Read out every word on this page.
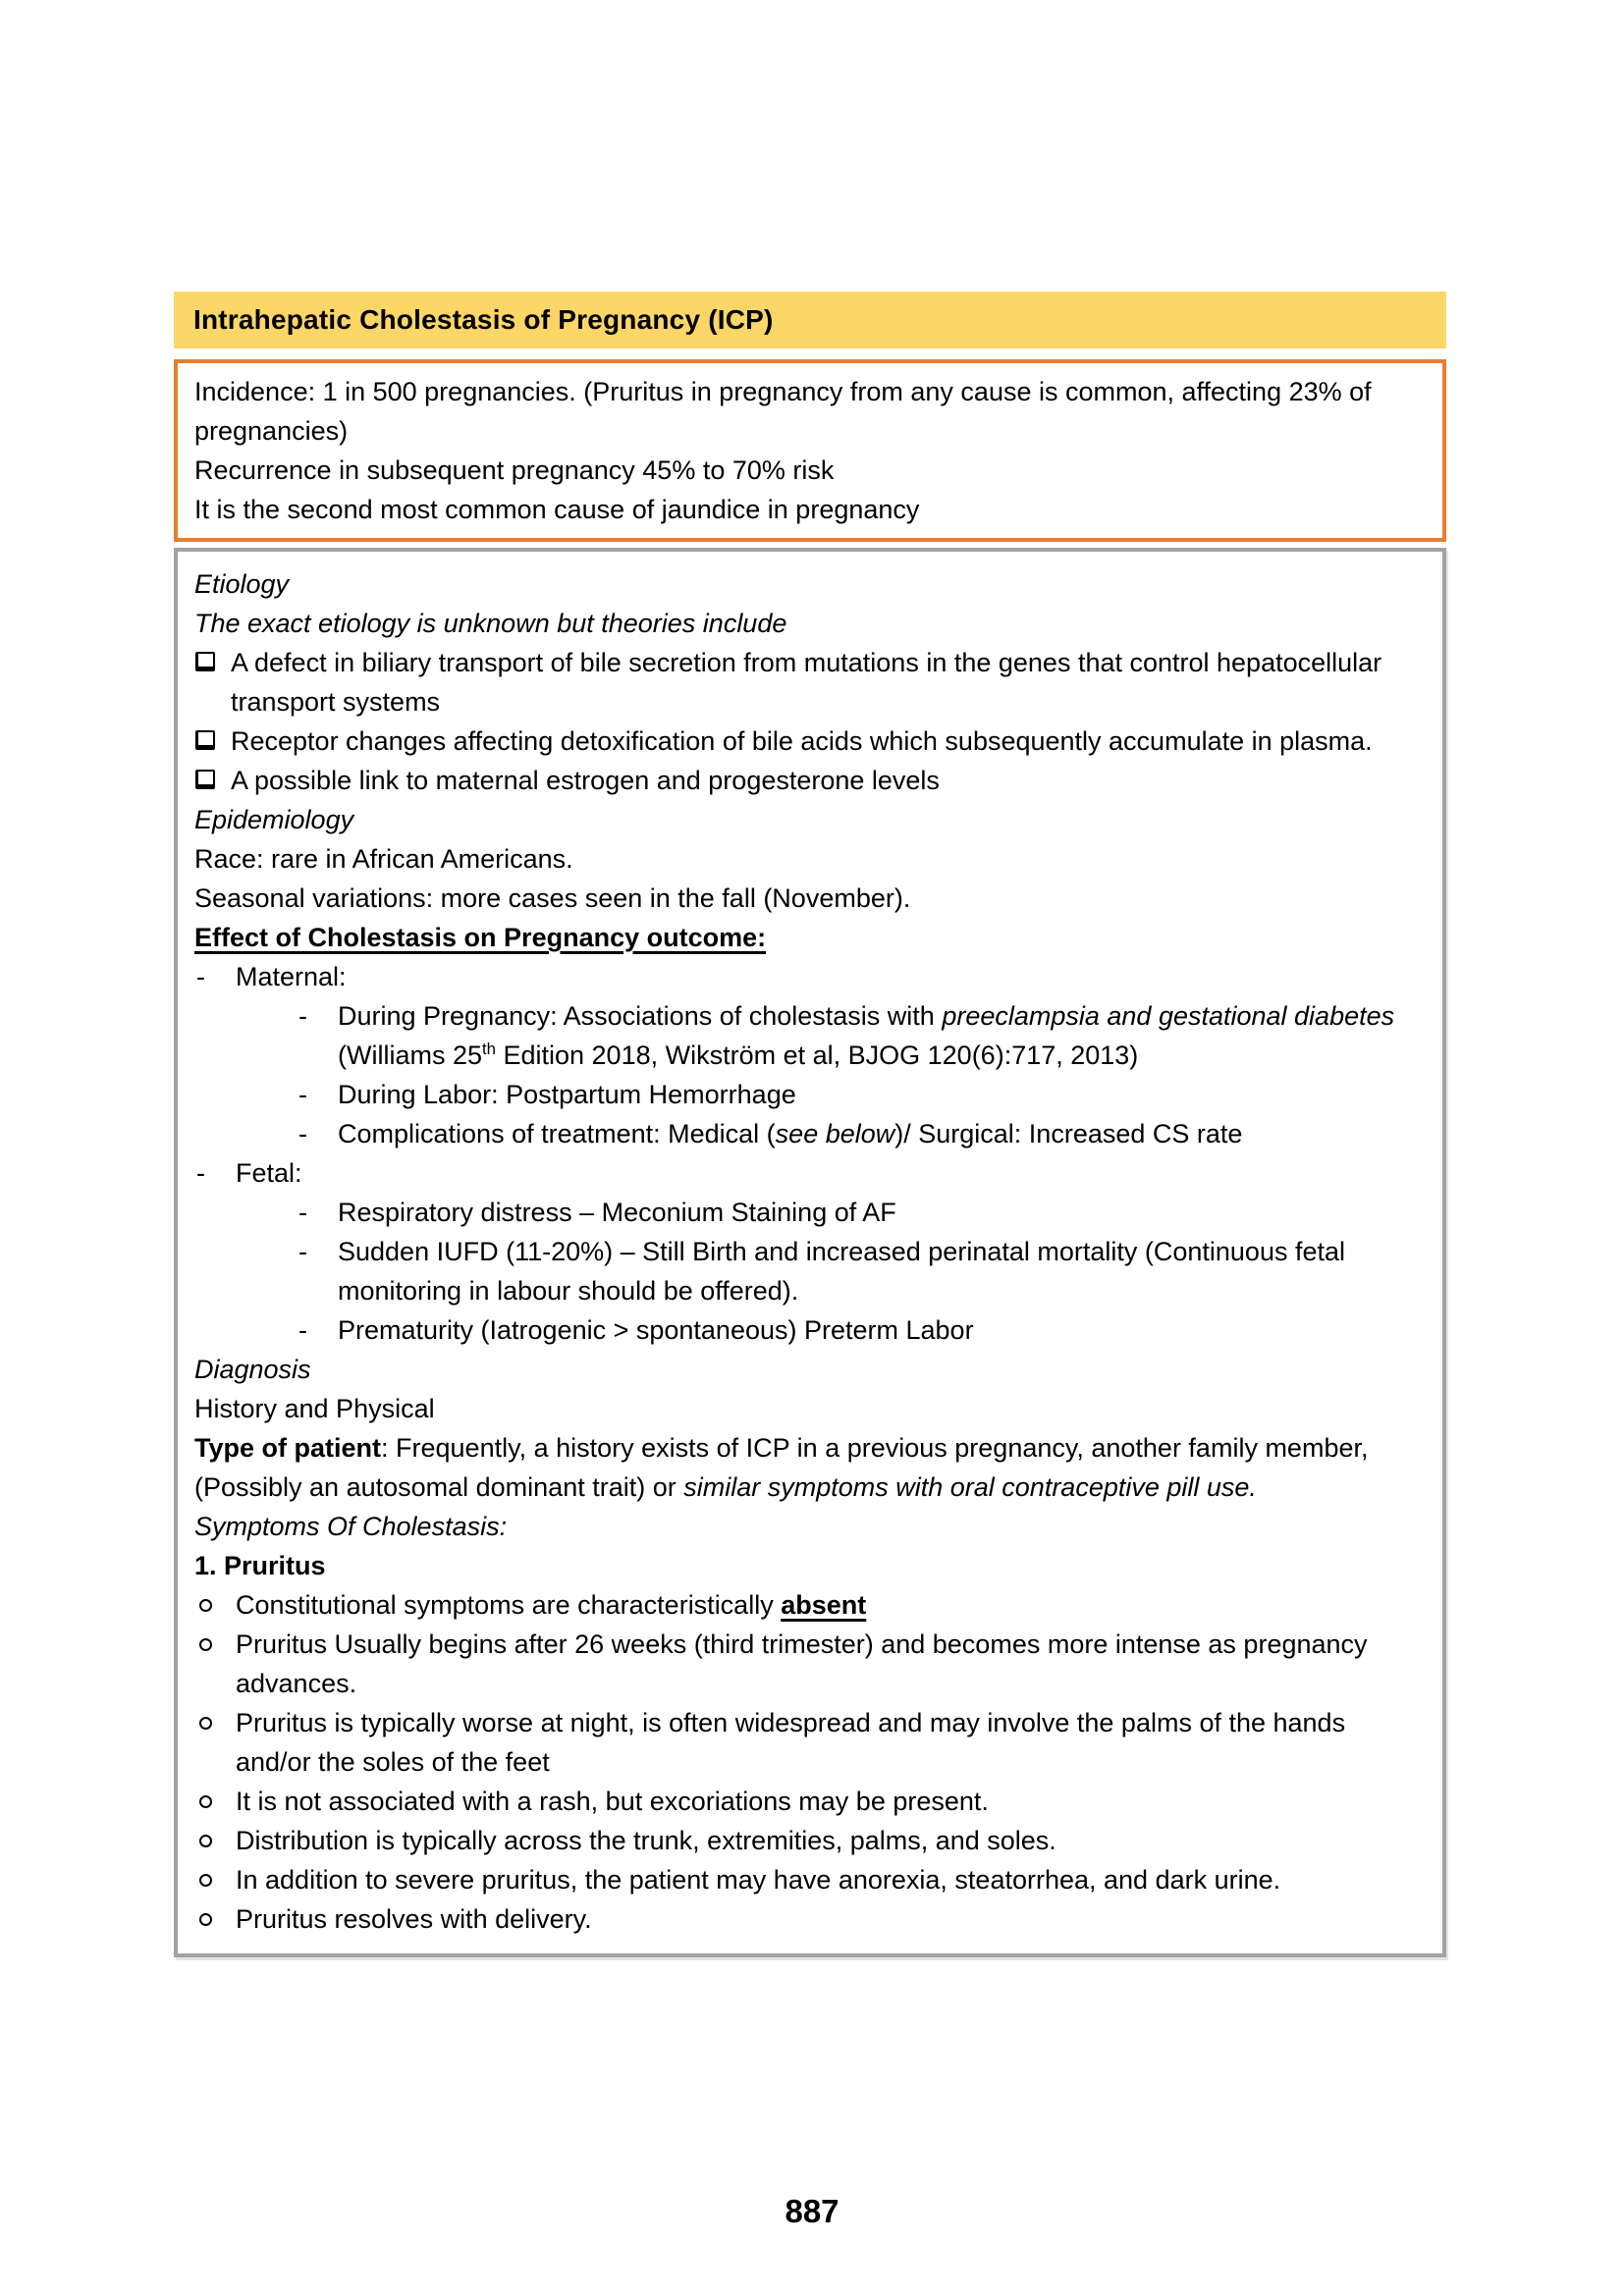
Intrahepatic Cholestasis of Pregnancy (ICP)
Incidence: 1 in 500 pregnancies. (Pruritus in pregnancy from any cause is common, affecting 23% of pregnancies)
Recurrence in subsequent pregnancy 45% to 70% risk
It is the second most common cause of jaundice in pregnancy
Etiology
The exact etiology is unknown but theories include
A defect in biliary transport of bile secretion from mutations in the genes that control hepatocellular transport systems
Receptor changes affecting detoxification of bile acids which subsequently accumulate in plasma.
A possible link to maternal estrogen and progesterone levels
Epidemiology
Race: rare in African Americans.
Seasonal variations: more cases seen in the fall (November).
Effect of Cholestasis on Pregnancy outcome:
- Maternal:
- During Pregnancy: Associations of cholestasis with preeclampsia and gestational diabetes (Williams 25th Edition 2018, Wikström et al, BJOG 120(6):717, 2013)
- During Labor: Postpartum Hemorrhage
- Complications of treatment: Medical (see below)/ Surgical: Increased CS rate
- Fetal:
- Respiratory distress – Meconium Staining of AF
- Sudden IUFD (11-20%) – Still Birth and increased perinatal mortality (Continuous fetal monitoring in labour should be offered).
- Prematurity (Iatrogenic > spontaneous) Preterm Labor
Diagnosis
History and Physical
Type of patient: Frequently, a history exists of ICP in a previous pregnancy, another family member, (Possibly an autosomal dominant trait) or similar symptoms with oral contraceptive pill use.
Symptoms Of Cholestasis:
1. Pruritus
Constitutional symptoms are characteristically absent
Pruritus Usually begins after 26 weeks (third trimester) and becomes more intense as pregnancy advances.
Pruritus is typically worse at night, is often widespread and may involve the palms of the hands and/or the soles of the feet
It is not associated with a rash, but excoriations may be present.
Distribution is typically across the trunk, extremities, palms, and soles.
In addition to severe pruritus, the patient may have anorexia, steatorrhea, and dark urine.
Pruritus resolves with delivery.
887
